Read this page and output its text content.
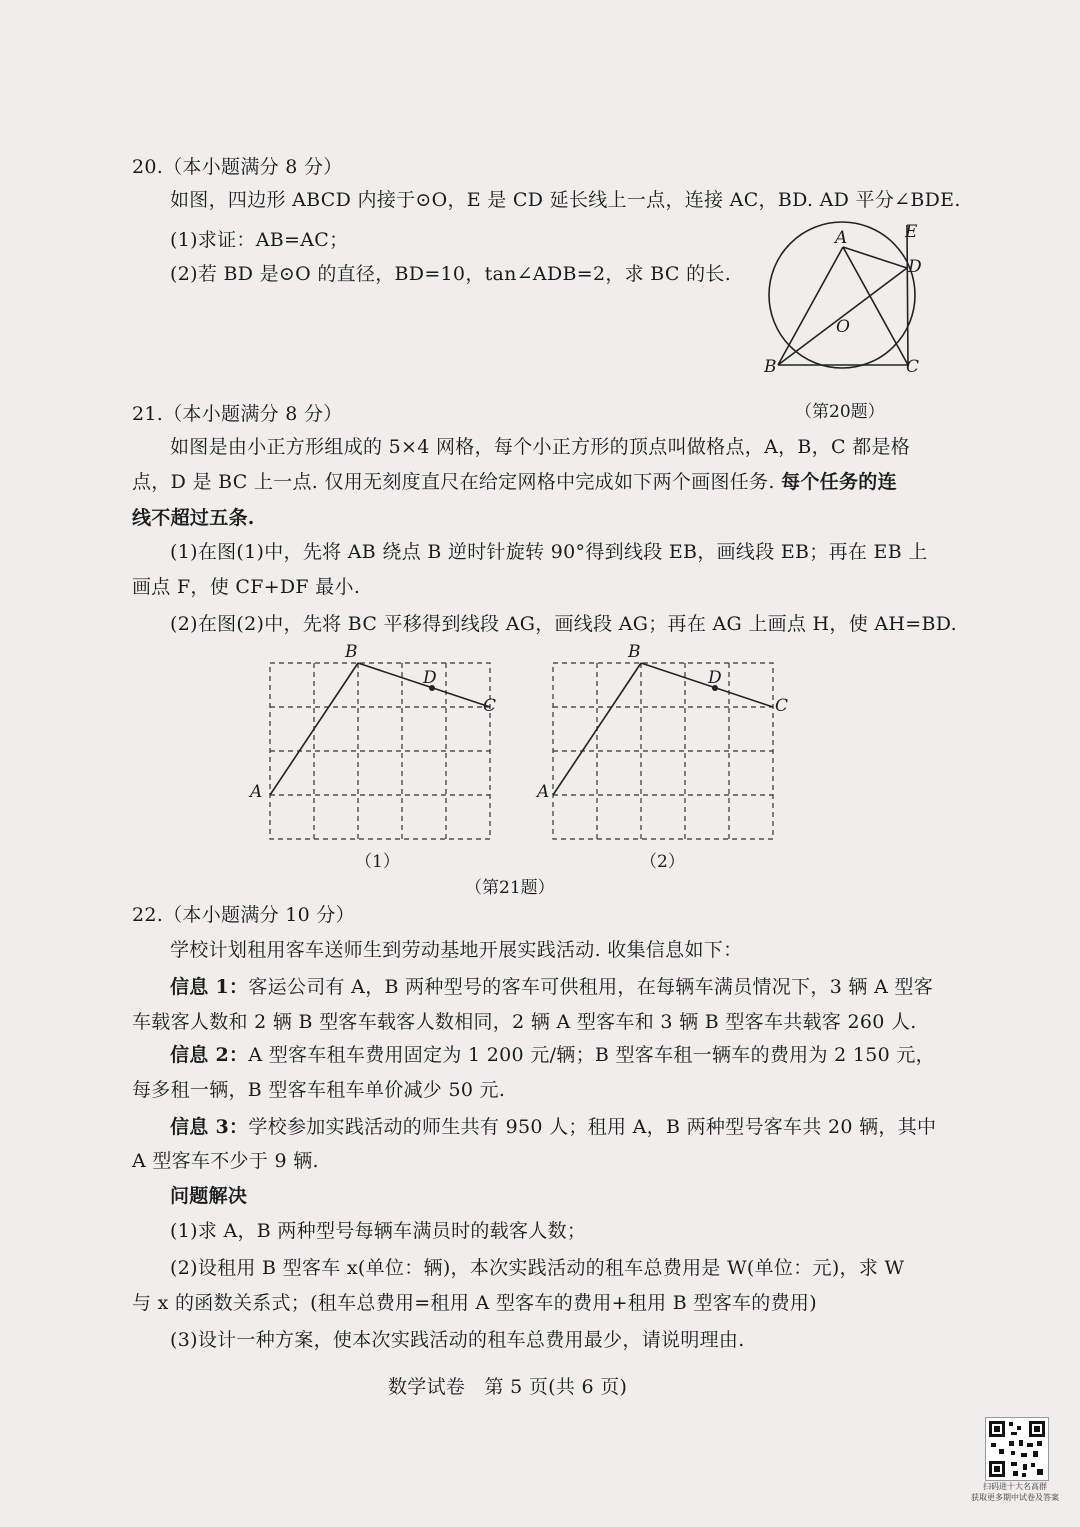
20.（本小题满分 8 分）
如图，四边形 ABCD 内接于⊙O，E 是 CD 延长线上一点，连接 AC，BD. AD 平分∠BDE.
(1)求证：AB=AC；
(2)若 BD 是⊙O 的直径，BD=10，tan∠ADB=2，求 BC 的长.
A	E
D
O
B	C
（第20题）
21.（本小题满分 8 分）
如图是由小正方形组成的 5×4 网格，每个小正方形的顶点叫做格点，A，B，C 都是格
点，D 是 BC 上一点. 仅用无刻度直尺在给定网格中完成如下两个画图任务. 每个任务的连
线不超过五条.
(1)在图(1)中，先将 AB 绕点 B 逆时针旋转 90°得到线段 EB，画线段 EB；再在 EB 上
画点 F，使 CF+DF 最小.
(2)在图(2)中，先将 BC 平移得到线段 AG，画线段 AG；再在 AG 上画点 H，使 AH=BD.
B
D
C
A
（1）
B
D
C
A
（2）
（第21题）
22.（本小题满分 10 分）
学校计划租用客车送师生到劳动基地开展实践活动. 收集信息如下：
信息 1：客运公司有 A，B 两种型号的客车可供租用，在每辆车满员情况下，3 辆 A 型客
车载客人数和 2 辆 B 型客车载客人数相同，2 辆 A 型客车和 3 辆 B 型客车共载客 260 人.
信息 2：A 型客车租车费用固定为 1 200 元/辆；B 型客车租一辆车的费用为 2 150 元，
每多租一辆，B 型客车租车单价减少 50 元.
信息 3：学校参加实践活动的师生共有 950 人；租用 A，B 两种型号客车共 20 辆，其中
A 型客车不少于 9 辆.
问题解决
(1)求 A，B 两种型号每辆车满员时的载客人数；
(2)设租用 B 型客车 x(单位：辆)，本次实践活动的租车总费用是 W(单位：元)，求 W
与 x 的函数关系式；(租车总费用=租用 A 型客车的费用+租用 B 型客车的费用)
(3)设计一种方案，使本次实践活动的租车总费用最少，请说明理由.
数学试卷　第 5 页(共 6 页)
扫码进十大名高群
获取更多期中试卷及答案
